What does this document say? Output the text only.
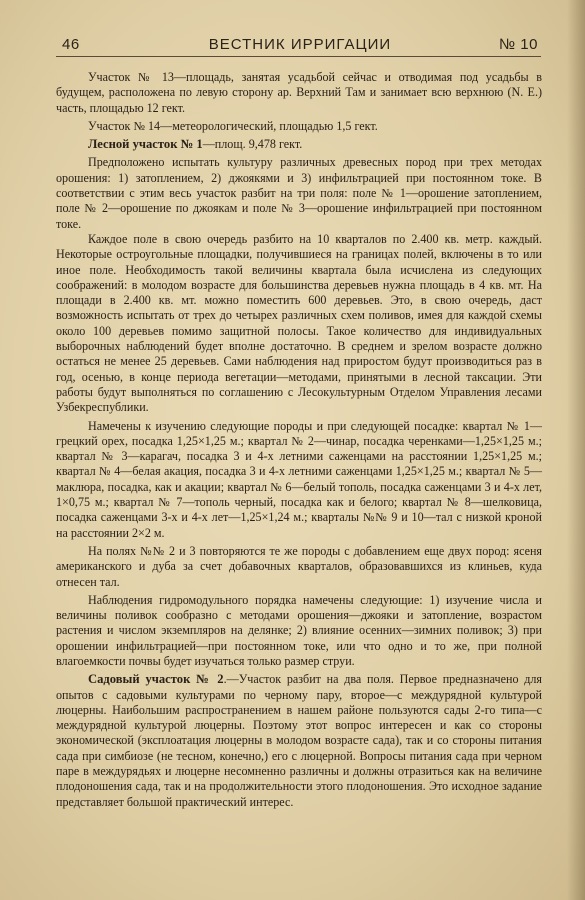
46	ВЕСТНИК ИРРИГАЦИИ	№ 10

Участок № 13—площадь, занятая усадьбой сейчас и отводимая под усадьбы в будущем, расположена по левую сторону ар. Верхний Там и занимает всю верхнюю (N. E.) часть, площадью 12 гект.

Участок № 14—метеорологический, площадью 1,5 гект.

Лесной участок № 1—площ. 9,478 гект.

Предположено испытать культуру различных древесных пород при трех методах орошения: 1) затоплением, 2) джоякями и 3) инфильтрацией при постоянном токе. В соответствии с этим весь участок разбит на три поля: поле № 1—орошение затоплением, поле № 2—орошение по джоякам и поле № 3—орошение инфильтрацией при постоянном токе.

Каждое поле в свою очередь разбито на 10 кварталов по 2.400 кв. метр. каждый. Некоторые остроугольные площадки, получившиеся на границах полей, включены в то или иное поле. Необходимость такой величины квартала была исчислена из следующих соображений: в молодом возрасте для большинства деревьев нужна площадь в 4 кв. мт. На площади в 2.400 кв. мт. можно поместить 600 деревьев. Это, в свою очередь, даст возможность испытать от трех до четырех различных схем поливов, имея для каждой схемы около 100 деревьев помимо защитной полосы. Такое количество для индивидуальных выборочных наблюдений будет вполне достаточно. В среднем и зрелом возрасте должно остаться не менее 25 деревьев. Сами наблюдения над приростом будут производиться раз в год, осенью, в конце периода вегетации—методами, принятыми в лесной таксации. Эти работы будут выполняться по соглашению с Лесокультурным Отделом Управления лесами Узбекреспублики.

Намечены к изучению следующие породы и при следующей посадке: квартал № 1—грецкий орех, посадка 1,25×1,25 м.; квартал № 2—чинар, посадка черенками—1,25×1,25 м.; квартал № 3—карагач, посадка 3 и 4-х летними саженцами на расстоянии 1,25×1,25 м.; квартал № 4—белая акация, посадка 3 и 4-х летними саженцами 1,25×1,25 м.; квартал № 5—маклюра, посадка, как и акации; квартал № 6—белый тополь, посадка саженцами 3 и 4-х лет, 1×0,75 м.; квартал № 7—тополь черный, посадка как и белого; квартал № 8—шелковица, посадка саженцами 3-х и 4-х лет—1,25×1,24 м.; кварталы №№ 9 и 10—тал с низкой кроной на расстоянии 2×2 м.

На полях №№ 2 и 3 повторяются те же породы с добавлением еще двух пород: ясеня американского и дуба за счет добавочных кварталов, образовавшихся из клиньев, куда отнесен тал.

Наблюдения гидромодульного порядка намечены следующие: 1) изучение числа и величины поливок сообразно с методами орошения—джояки и затопление, возрастом растения и числом экземпляров на делянке; 2) влияние осенних—зимних поливок; 3) при орошении инфильтрацией—при постоянном токе, или что одно и то же, при полной влагоемкости почвы будет изучаться только размер струи.

Садовый участок № 2.—Участок разбит на два поля. Первое предназначено для опытов с садовыми культурами по черному пару, второе—с междурядной культурой люцерны. Наибольшим распространением в нашем районе пользуются сады 2-го типа—с междурядной культурой люцерны. Поэтому этот вопрос интересен и как со стороны экономической (эксплоатация люцерны в молодом возрасте сада), так и со стороны питания сада при симбиозе (не тесном, конечно,) его с люцерной. Вопросы питания сада при черном паре в междурядьях и люцерне несомненно различны и должны отразиться как на величине плодоношения сада, так и на продолжительности этого плодоношения. Это исходное задание представляет большой практический интерес.
